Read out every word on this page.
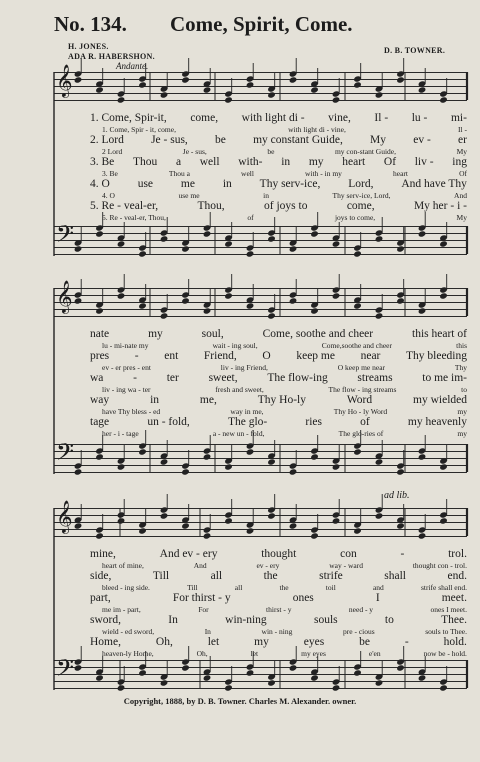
No. 134. Come, Spirit, Come.
H. JONES.
ADA R. HABERSHON.
D. B. TOWNER.
Andante.
𝄞
1. Come, Spir-it, come, with light di - vine, Il - lu - mi-
1. Come, Spir - it, come,	with light di - vine,	Il -
2. Lord Je - sus, be my constant Guide, My ev - er
2 Lord	Je - sus,	be	my con-stant Guide,	My
3. Be Thou a well with- in my heart Of liv - ing
3. Be	Thou a	well	with - in my	heart	Of
4. O use me in Thy serv-ice, Lord, And have Thy
4. O	use me	in	Thy serv-ice, Lord,	And
5. Re - veal-er,	Thou,	of joys to	come,	My her - i -
5. Re - veal-er, Thou,	of	joys to come,	My
𝄢
𝄞
nate	my	soul,	Come, soothe and cheer	this heart of
lu - mi-nate my	wait - ing soul,	Come,soothe and cheer	this
pres - ent Friend, O keep me near Thy bleeding
ev - er pres - ent	liv - ing Friend,	O keep me near	Thy
wa	-	ter	sweet,	The flow-ing	streams	to me im-
liv - ing wa - ter	fresh and sweet,	The flow - ing streams	to
way	in	me,	Thy Ho-ly	Word	my wielded
have Thy bless - ed	way in me,	Thy Ho - ly Word	my
tage	un - fold,	The glo-	ries	of	my heavenly
her - i - tage	a - new un - fold,	The glo-ries of	my
𝄢
ad lib.
𝄞
mine,	And ev - ery	thought	con	-	trol.
heart of mine,	And	ev - ery	way - ward	thought con - trol.
side,	Till	all	the	strife	shall	end.
bleed - ing side.	Till	all	the	toil	and	strife shall end.
part,	For thirst - y	ones	I	meet.
me im - part,	For	thirst - y	need - y	ones I meet.
sword,	In	win-ning	souls	to	Thee.
wield - ed sword,	In	win - ning	pre - cious	souls to Thee.
Home,	Oh,	let	my	eyes	be	-	hold.
heaven-ly Home,	Oh,	let	my eyes	e'en	now be - hold.
𝄢
Copyright, 1888, by D. B. Towner. Charles M. Alexander. owner.
